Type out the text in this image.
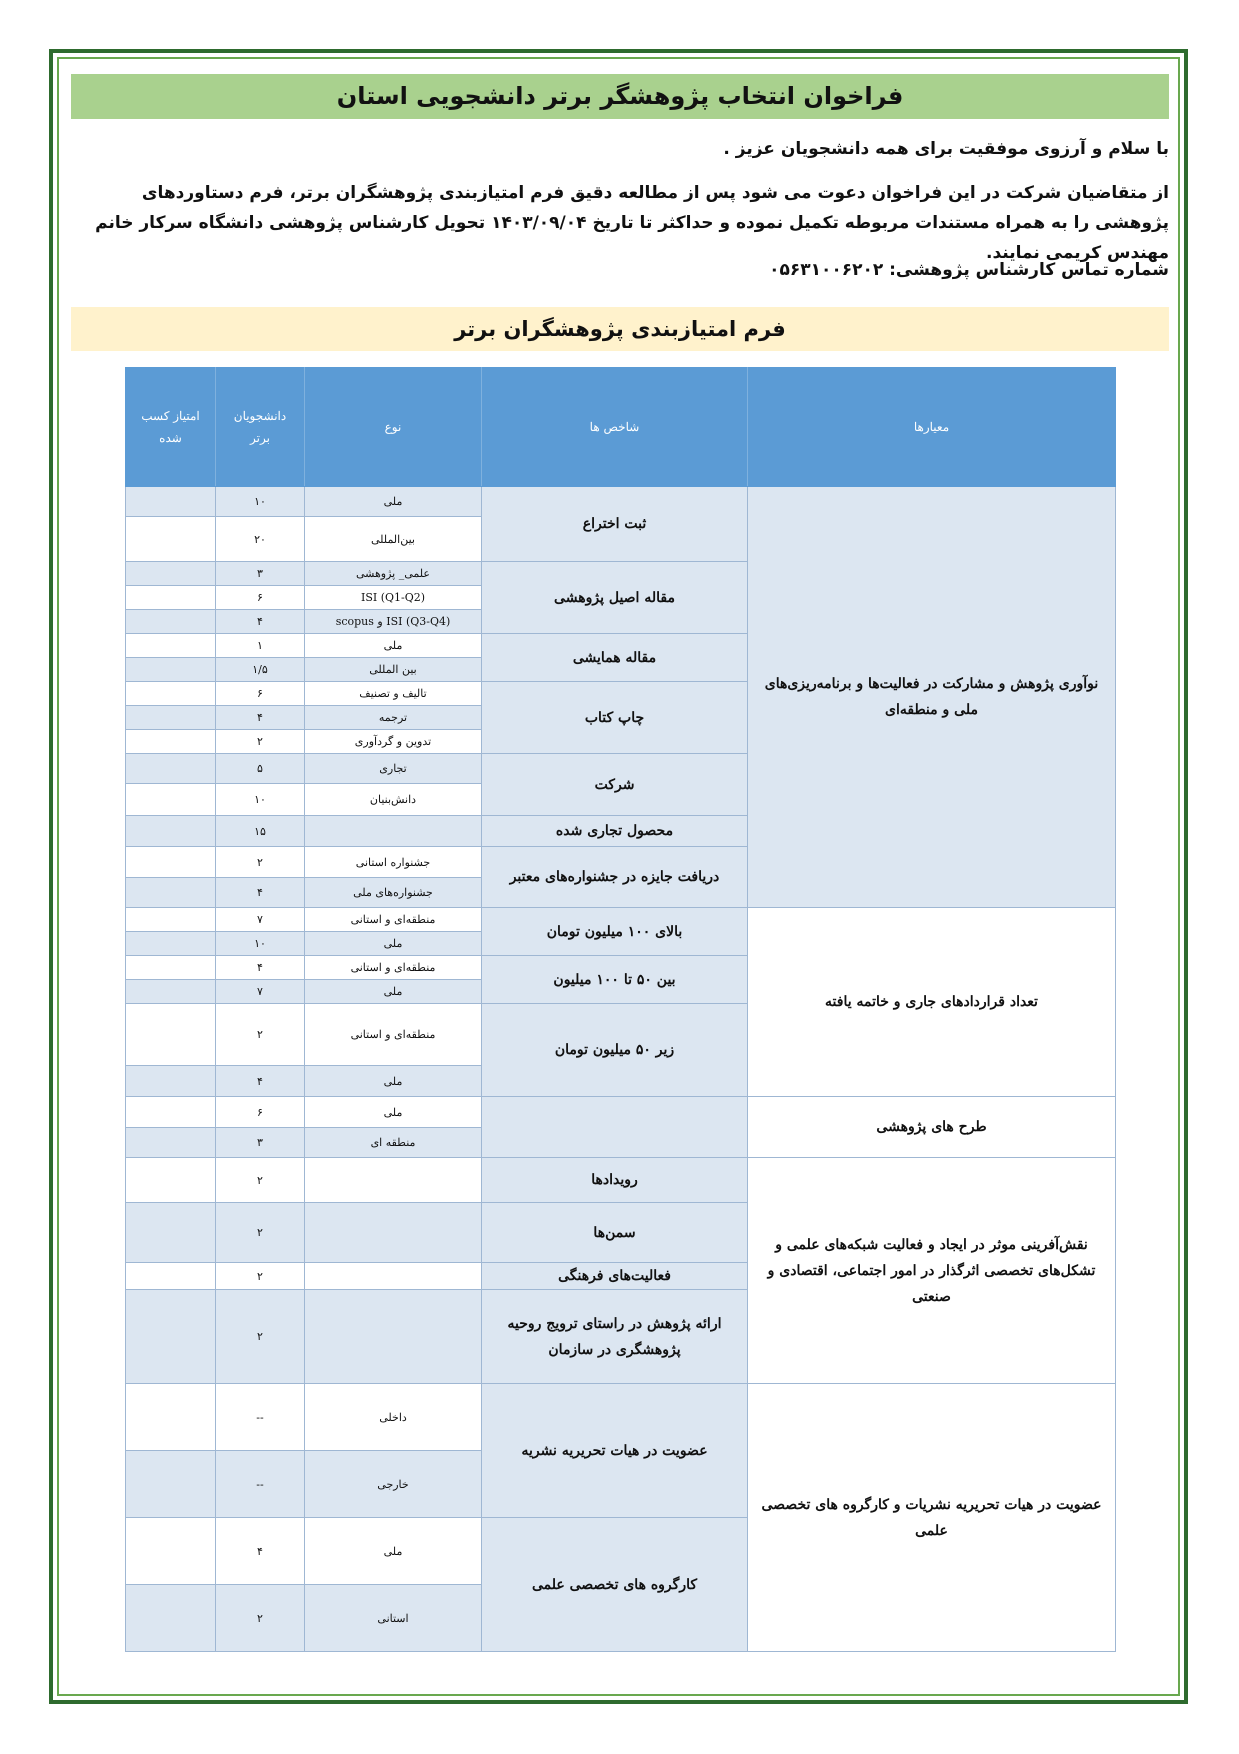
فراخوان انتخاب پژوهشگر برتر دانشجویی استان
با سلام و آرزوی موفقیت برای همه دانشجویان عزیز .
از متقاضیان شرکت در این فراخوان دعوت می شود پس از مطالعه دقیق فرم امتیازبندی پژوهشگران برتر، فرم دستاوردهای پژوهشی را به همراه مستندات مربوطه تکمیل نموده و حداکثر تا تاریخ ۱۴۰۳/۰۹/۰۴ تحویل کارشناس پژوهشی دانشگاه سرکار خانم مهندس کریمی نمایند.
شماره تماس کارشناس پژوهشی: ۰۵۶۳۱۰۰۶۲۰۲
فرم امتیازبندی پژوهشگران برتر
معیارها	شاخص ها	نوع	دانشجویان برتر	امتیاز کسب شده
نوآوری پژوهش و مشارکت در فعالیت‌ها و برنامه‌ریزی‌های ملی و منطقه‌ای	ثبت اختراع	ملی	۱۰	
		بین‌المللی	۲۰	
	مقاله اصیل پژوهشی	علمی_ پژوهشی	۳	
		ISI (Q1-Q2)	۶	
		ISI (Q3-Q4) و scopus	۴	
	مقاله همایشی	ملی	۱	
		بین المللی	۱/۵	
	چاپ کتاب	تالیف و تصنیف	۶	
		ترجمه	۴	
		تدوین و گردآوری	۲	
	شرکت	تجاری	۵	
		دانش‌بنیان	۱۰	
	محصول تجاری شده		۱۵	
	دریافت جایزه در جشنواره‌های معتبر	جشنواره استانی	۲	
		جشنواره‌های ملی	۴	
تعداد قراردادهای جاری و خاتمه یافته	بالای ۱۰۰ میلیون تومان	منطقه‌ای و استانی	۷	
		ملی	۱۰	
	بین ۵۰ تا ۱۰۰ میلیون	منطقه‌ای و استانی	۴	
		ملی	۷	
	زیر ۵۰ میلیون تومان	منطقه‌ای و استانی	۲	
		ملی	۴	
طرح های پژوهشی		ملی	۶	
		منطقه ای	۳	
نقش‌آفرینی موثر در ایجاد و فعالیت شبکه‌های علمی و تشکل‌های تخصصی اثرگذار در امور اجتماعی، اقتصادی و صنعتی	رویدادها		۲	
	سمن‌ها		۲	
	فعالیت‌های فرهنگی		۲	
	ارائه پژوهش در راستای ترویج روحیه پژوهشگری در سازمان		۲	
عضویت در هیات تحریریه نشریات و کارگروه های تخصصی علمی	عضویت در هیات تحریریه نشریه	داخلی	--	
		خارجی	--	
	کارگروه های تخصصی علمی	ملی	۴	
		استانی	۲	
